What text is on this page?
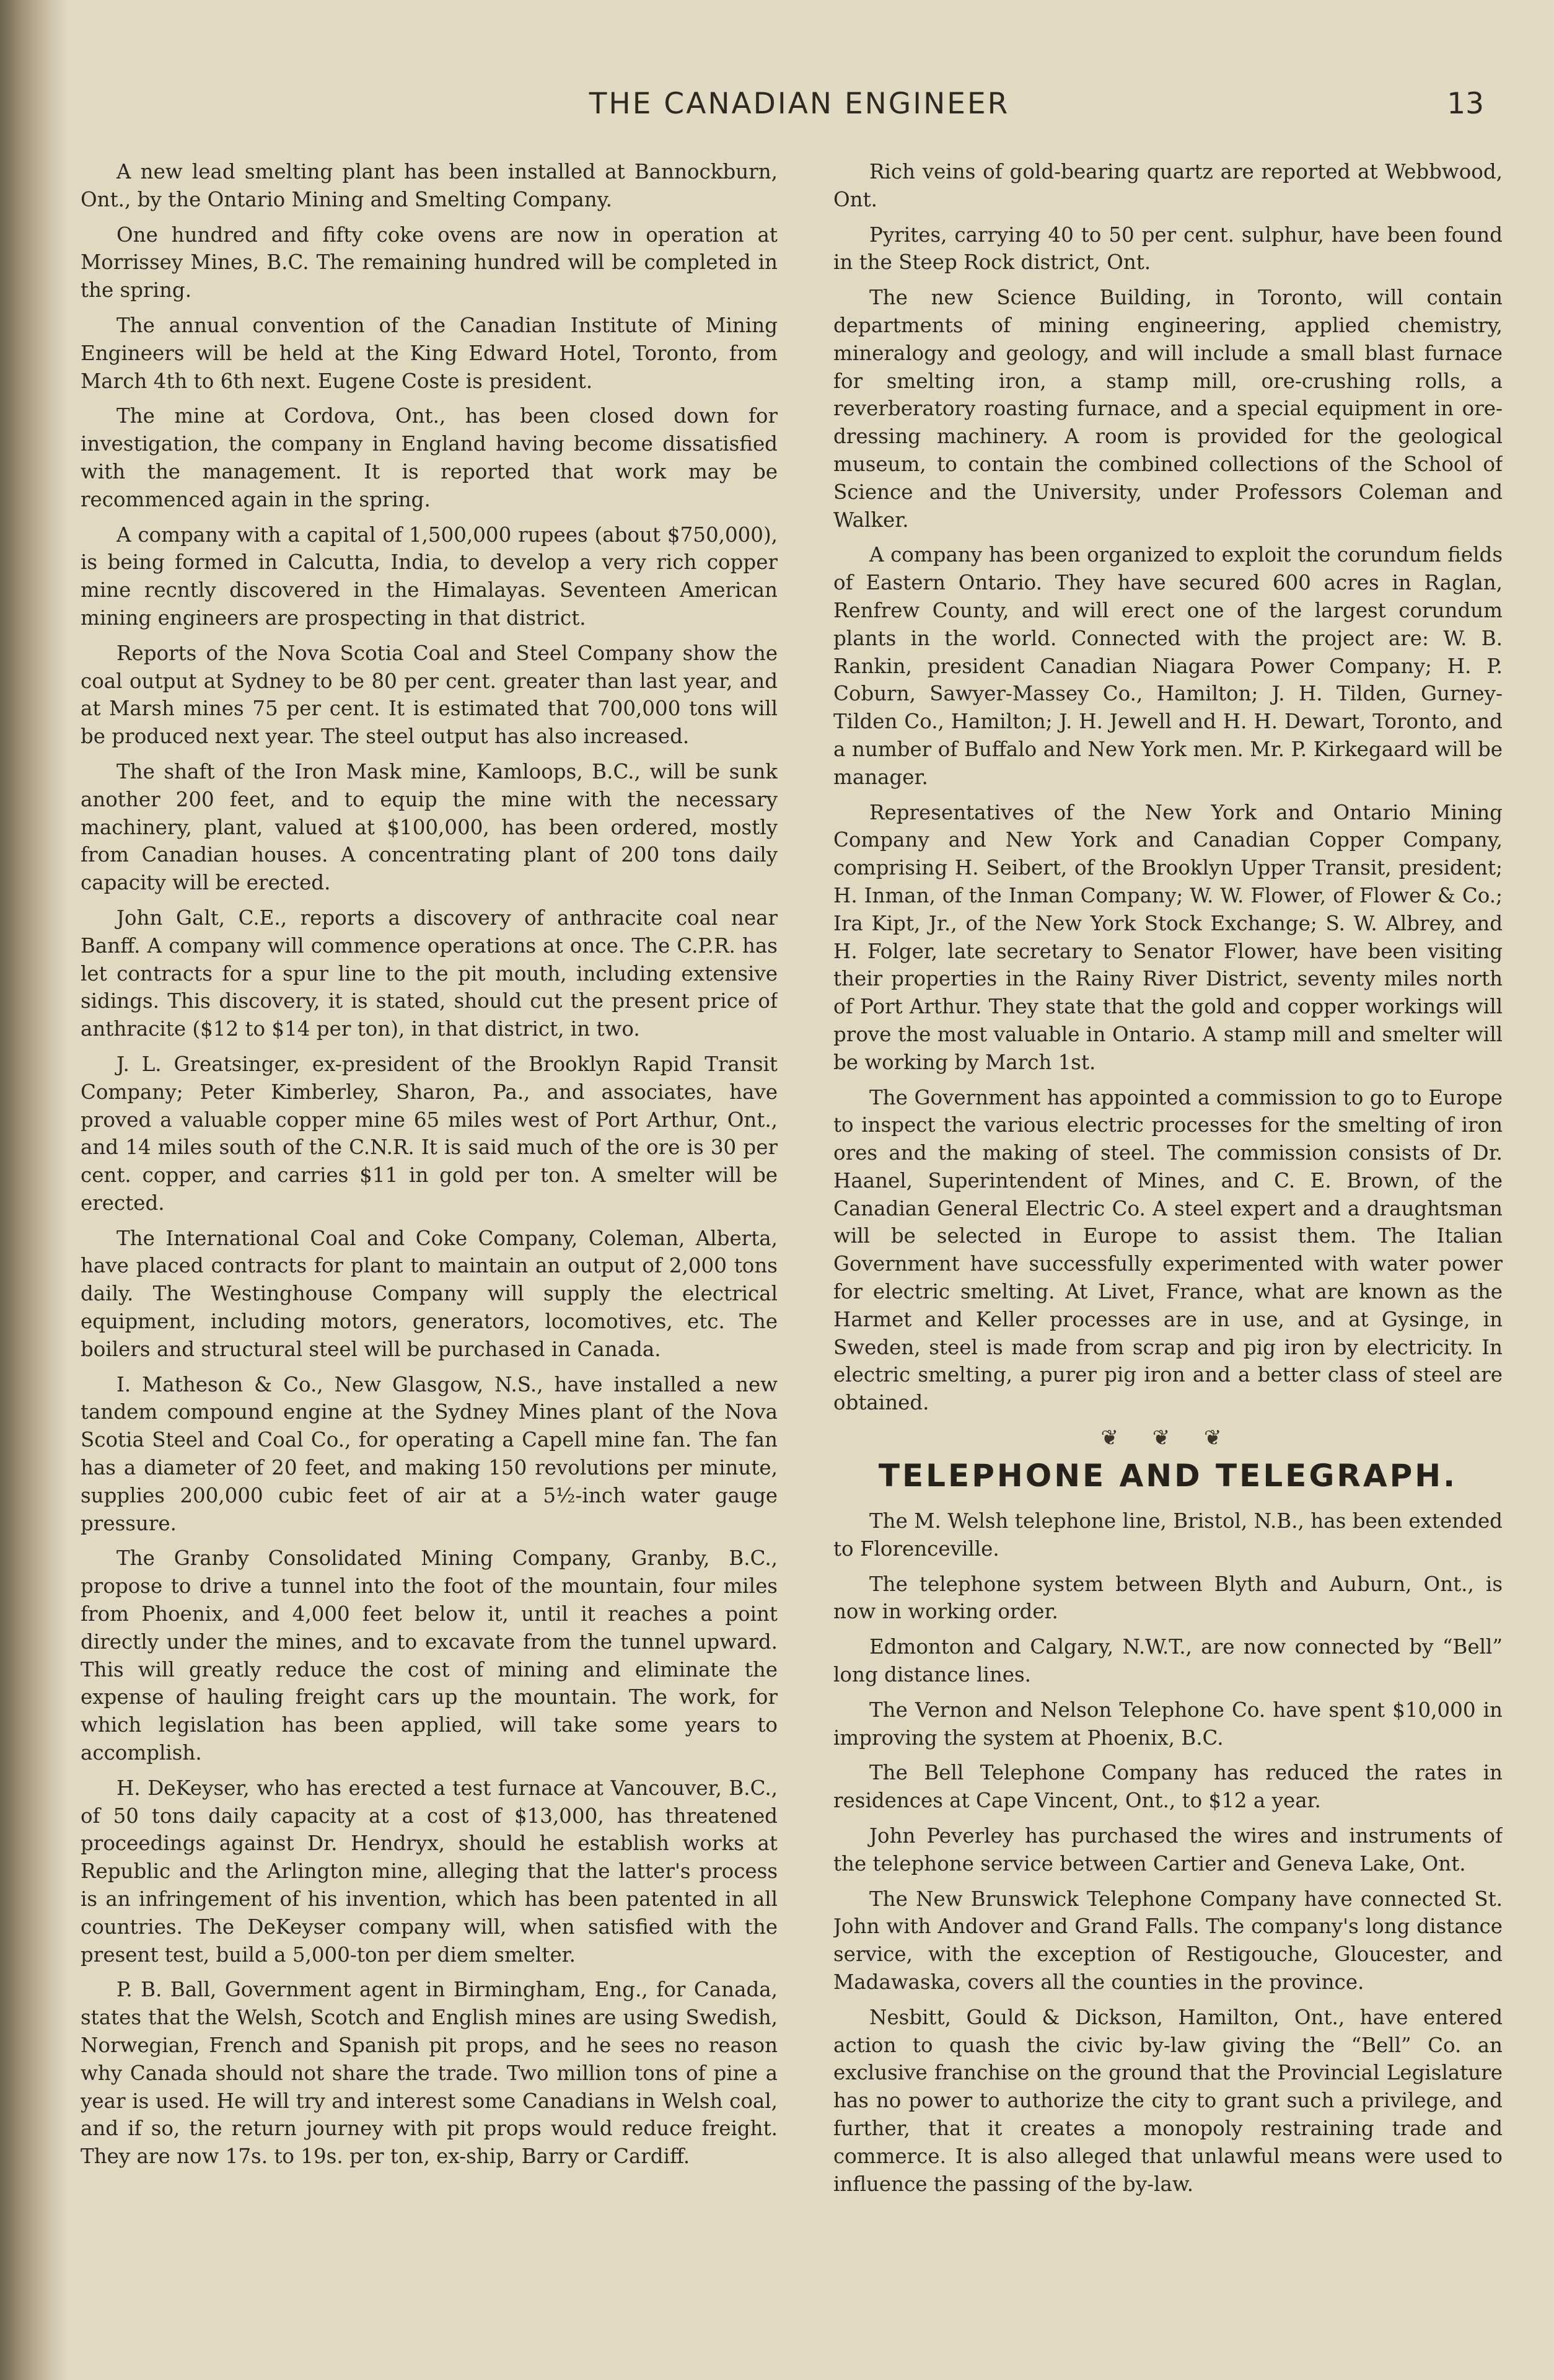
THE CANADIAN ENGINEER	13

A new lead smelting plant has been installed at Bannockburn, Ont., by the Ontario Mining and Smelting Company.

One hundred and fifty coke ovens are now in operation at Morrissey Mines, B.C. The remaining hundred will be completed in the spring.

The annual convention of the Canadian Institute of Mining Engineers will be held at the King Edward Hotel, Toronto, from March 4th to 6th next. Eugene Coste is president.

The mine at Cordova, Ont., has been closed down for investigation, the company in England having become dissatisfied with the management. It is reported that work may be recommenced again in the spring.

A company with a capital of 1,500,000 rupees (about $750,000), is being formed in Calcutta, India, to develop a very rich copper mine recntly discovered in the Himalayas. Seventeen American mining engineers are prospecting in that district.

Reports of the Nova Scotia Coal and Steel Company show the coal output at Sydney to be 80 per cent. greater than last year, and at Marsh mines 75 per cent. It is estimated that 700,000 tons will be produced next year. The steel output has also increased.

The shaft of the Iron Mask mine, Kamloops, B.C., will be sunk another 200 feet, and to equip the mine with the necessary machinery, plant, valued at $100,000, has been ordered, mostly from Canadian houses. A concentrating plant of 200 tons daily capacity will be erected.

John Galt, C.E., reports a discovery of anthracite coal near Banff. A company will commence operations at once. The C.P.R. has let contracts for a spur line to the pit mouth, including extensive sidings. This discovery, it is stated, should cut the present price of anthracite ($12 to $14 per ton), in that district, in two.

J. L. Greatsinger, ex-president of the Brooklyn Rapid Transit Company; Peter Kimberley, Sharon, Pa., and associates, have proved a valuable copper mine 65 miles west of Port Arthur, Ont., and 14 miles south of the C.N.R. It is said much of the ore is 30 per cent. copper, and carries $11 in gold per ton. A smelter will be erected.

The International Coal and Coke Company, Coleman, Alberta, have placed contracts for plant to maintain an output of 2,000 tons daily. The Westinghouse Company will supply the electrical equipment, including motors, generators, locomotives, etc. The boilers and structural steel will be purchased in Canada.

I. Matheson & Co., New Glasgow, N.S., have installed a new tandem compound engine at the Sydney Mines plant of the Nova Scotia Steel and Coal Co., for operating a Capell mine fan. The fan has a diameter of 20 feet, and making 150 revolutions per minute, supplies 200,000 cubic feet of air at a 5½-inch water gauge pressure.

The Granby Consolidated Mining Company, Granby, B.C., propose to drive a tunnel into the foot of the mountain, four miles from Phoenix, and 4,000 feet below it, until it reaches a point directly under the mines, and to excavate from the tunnel upward. This will greatly reduce the cost of mining and eliminate the expense of hauling freight cars up the mountain. The work, for which legislation has been applied, will take some years to accomplish.

H. DeKeyser, who has erected a test furnace at Vancouver, B.C., of 50 tons daily capacity at a cost of $13,000, has threatened proceedings against Dr. Hendryx, should he establish works at Republic and the Arlington mine, alleging that the latter's process is an infringement of his invention, which has been patented in all countries. The DeKeyser company will, when satisfied with the present test, build a 5,000-ton per diem smelter.

P. B. Ball, Government agent in Birmingham, Eng., for Canada, states that the Welsh, Scotch and English mines are using Swedish, Norwegian, French and Spanish pit props, and he sees no reason why Canada should not share the trade. Two million tons of pine a year is used. He will try and interest some Canadians in Welsh coal, and if so, the return journey with pit props would reduce freight. They are now 17s. to 19s. per ton, ex-ship, Barry or Cardiff.

Rich veins of gold-bearing quartz are reported at Webbwood, Ont.

Pyrites, carrying 40 to 50 per cent. sulphur, have been found in the Steep Rock district, Ont.

The new Science Building, in Toronto, will contain departments of mining engineering, applied chemistry, mineralogy and geology, and will include a small blast furnace for smelting iron, a stamp mill, ore-crushing rolls, a reverberatory roasting furnace, and a special equipment in ore-dressing machinery. A room is provided for the geological museum, to contain the combined collections of the School of Science and the University, under Professors Coleman and Walker.

A company has been organized to exploit the corundum fields of Eastern Ontario. They have secured 600 acres in Raglan, Renfrew County, and will erect one of the largest corundum plants in the world. Connected with the project are: W. B. Rankin, president Canadian Niagara Power Company; H. P. Coburn, Sawyer-Massey Co., Hamilton; J. H. Tilden, Gurney-Tilden Co., Hamilton; J. H. Jewell and H. H. Dewart, Toronto, and a number of Buffalo and New York men. Mr. P. Kirkegaard will be manager.

Representatives of the New York and Ontario Mining Company and New York and Canadian Copper Company, comprising H. Seibert, of the Brooklyn Upper Transit, president; H. Inman, of the Inman Company; W. W. Flower, of Flower & Co.; Ira Kipt, Jr., of the New York Stock Exchange; S. W. Albrey, and H. Folger, late secretary to Senator Flower, have been visiting their properties in the Rainy River District, seventy miles north of Port Arthur. They state that the gold and copper workings will prove the most valuable in Ontario. A stamp mill and smelter will be working by March 1st.

The Government has appointed a commission to go to Europe to inspect the various electric processes for the smelting of iron ores and the making of steel. The commission consists of Dr. Haanel, Superintendent of Mines, and C. E. Brown, of the Canadian General Electric Co. A steel expert and a draughtsman will be selected in Europe to assist them. The Italian Government have successfully experimented with water power for electric smelting. At Livet, France, what are known as the Harmet and Keller processes are in use, and at Gysinge, in Sweden, steel is made from scrap and pig iron by electricity. In electric smelting, a purer pig iron and a better class of steel are obtained.

❦ ❦ ❦
TELEPHONE AND TELEGRAPH.

The M. Welsh telephone line, Bristol, N.B., has been extended to Florenceville.

The telephone system between Blyth and Auburn, Ont., is now in working order.

Edmonton and Calgary, N.W.T., are now connected by “Bell” long distance lines.

The Vernon and Nelson Telephone Co. have spent $10,000 in improving the system at Phoenix, B.C.

The Bell Telephone Company has reduced the rates in residences at Cape Vincent, Ont., to $12 a year.

John Peverley has purchased the wires and instruments of the telephone service between Cartier and Geneva Lake, Ont.

The New Brunswick Telephone Company have connected St. John with Andover and Grand Falls. The company's long distance service, with the exception of Restigouche, Gloucester, and Madawaska, covers all the counties in the province.

Nesbitt, Gould & Dickson, Hamilton, Ont., have entered action to quash the civic by-law giving the “Bell” Co. an exclusive franchise on the ground that the Provincial Legislature has no power to authorize the city to grant such a privilege, and further, that it creates a monopoly restraining trade and commerce. It is also alleged that unlawful means were used to influence the passing of the by-law.
